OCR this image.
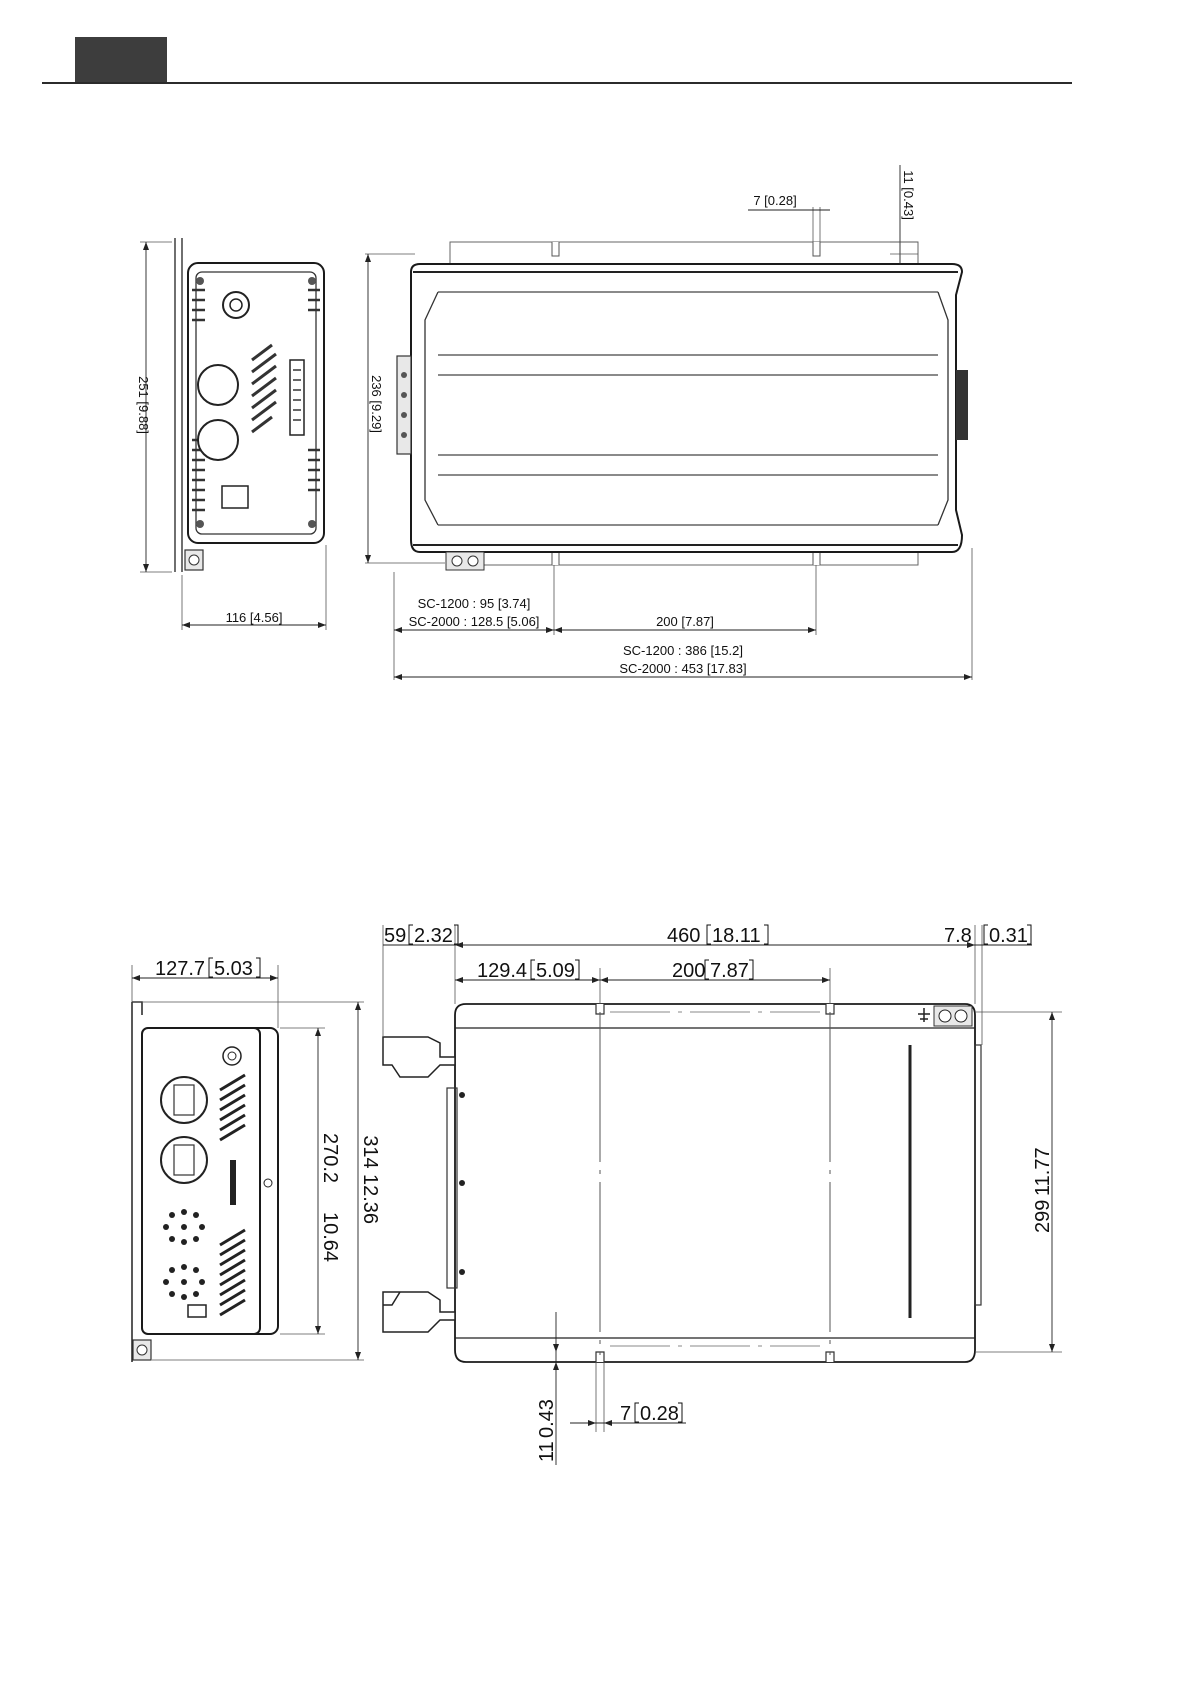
251 [9.88]
116 [4.56]
236 [9.29]
7 [0.28]	11 [0.43]
SC-1200 : 95 [3.74]
SC-2000 : 128.5 [5.06]	200 [7.87]
SC-1200 : 386 [15.2]
SC-2000 : 453 [17.83]
127.7 5.03
270.2
10.64
314
12.36
59 2.32	460 18.11	7.8 0.31
129.4 5.09	200 7.87
299
11.77
11
0.43	7 0.28
